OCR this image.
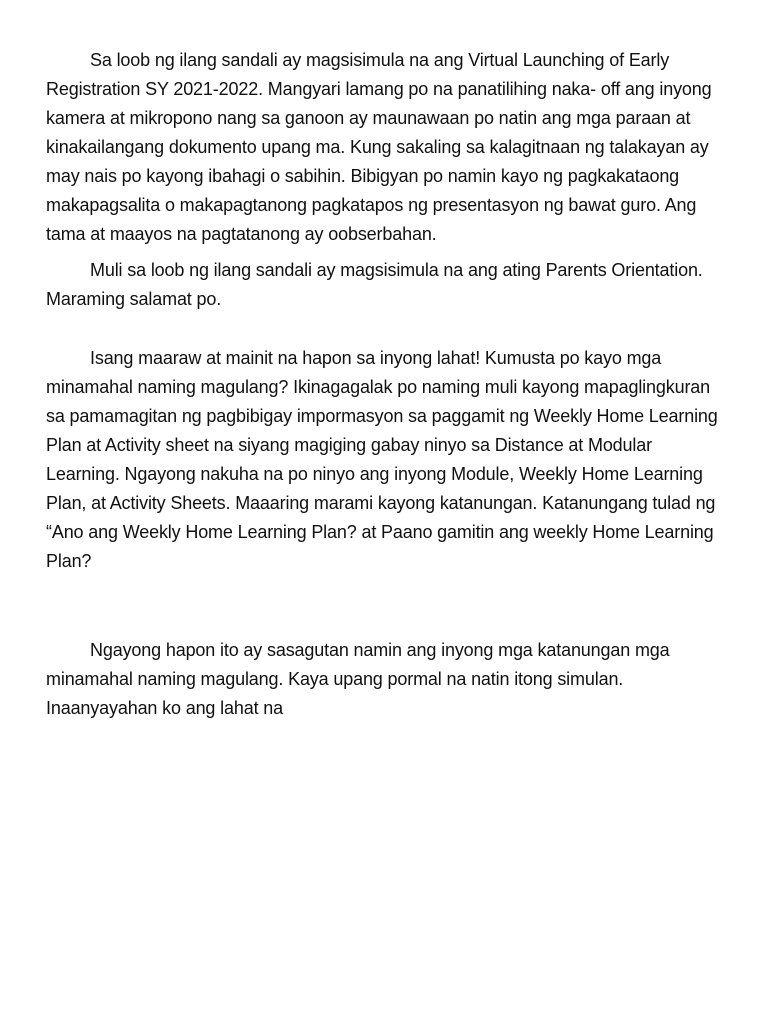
Sa loob ng ilang sandali ay magsisimula na ang Virtual Launching of Early Registration SY 2021-2022. Mangyari lamang po na panatilihing naka- off ang inyong kamera at mikropono nang sa ganoon ay maunawaan po natin ang mga paraan at kinakailangang dokumento upang ma. Kung sakaling sa kalagitnaan ng talakayan ay may nais po kayong ibahagi o sabihin. Bibigyan po namin kayo ng pagkakataong makapagsalita o makapagtanong pagkatapos ng presentasyon ng bawat guro. Ang tama at maayos na pagtatanong ay oobserbahan.

Muli sa loob ng ilang sandali ay magsisimula na ang ating Parents Orientation. Maraming salamat po.

Isang maaraw at mainit na hapon sa inyong lahat! Kumusta po kayo mga minamahal naming magulang? Ikinagagalak po naming muli kayong mapaglingkuran sa pamamagitan ng pagbibigay impormasyon sa paggamit ng Weekly Home Learning Plan at Activity sheet na siyang magiging gabay ninyo sa Distance at Modular Learning. Ngayong nakuha na po ninyo ang inyong Module, Weekly Home Learning Plan, at Activity Sheets. Maaaring marami kayong katanungan. Katanungang tulad ng “Ano ang Weekly Home Learning Plan? at Paano gamitin ang weekly Home Learning Plan?

Ngayong hapon ito ay sasagutan namin ang inyong mga katanungan mga minamahal naming magulang. Kaya upang pormal na natin itong simulan. Inaanyayahan ko ang lahat na
